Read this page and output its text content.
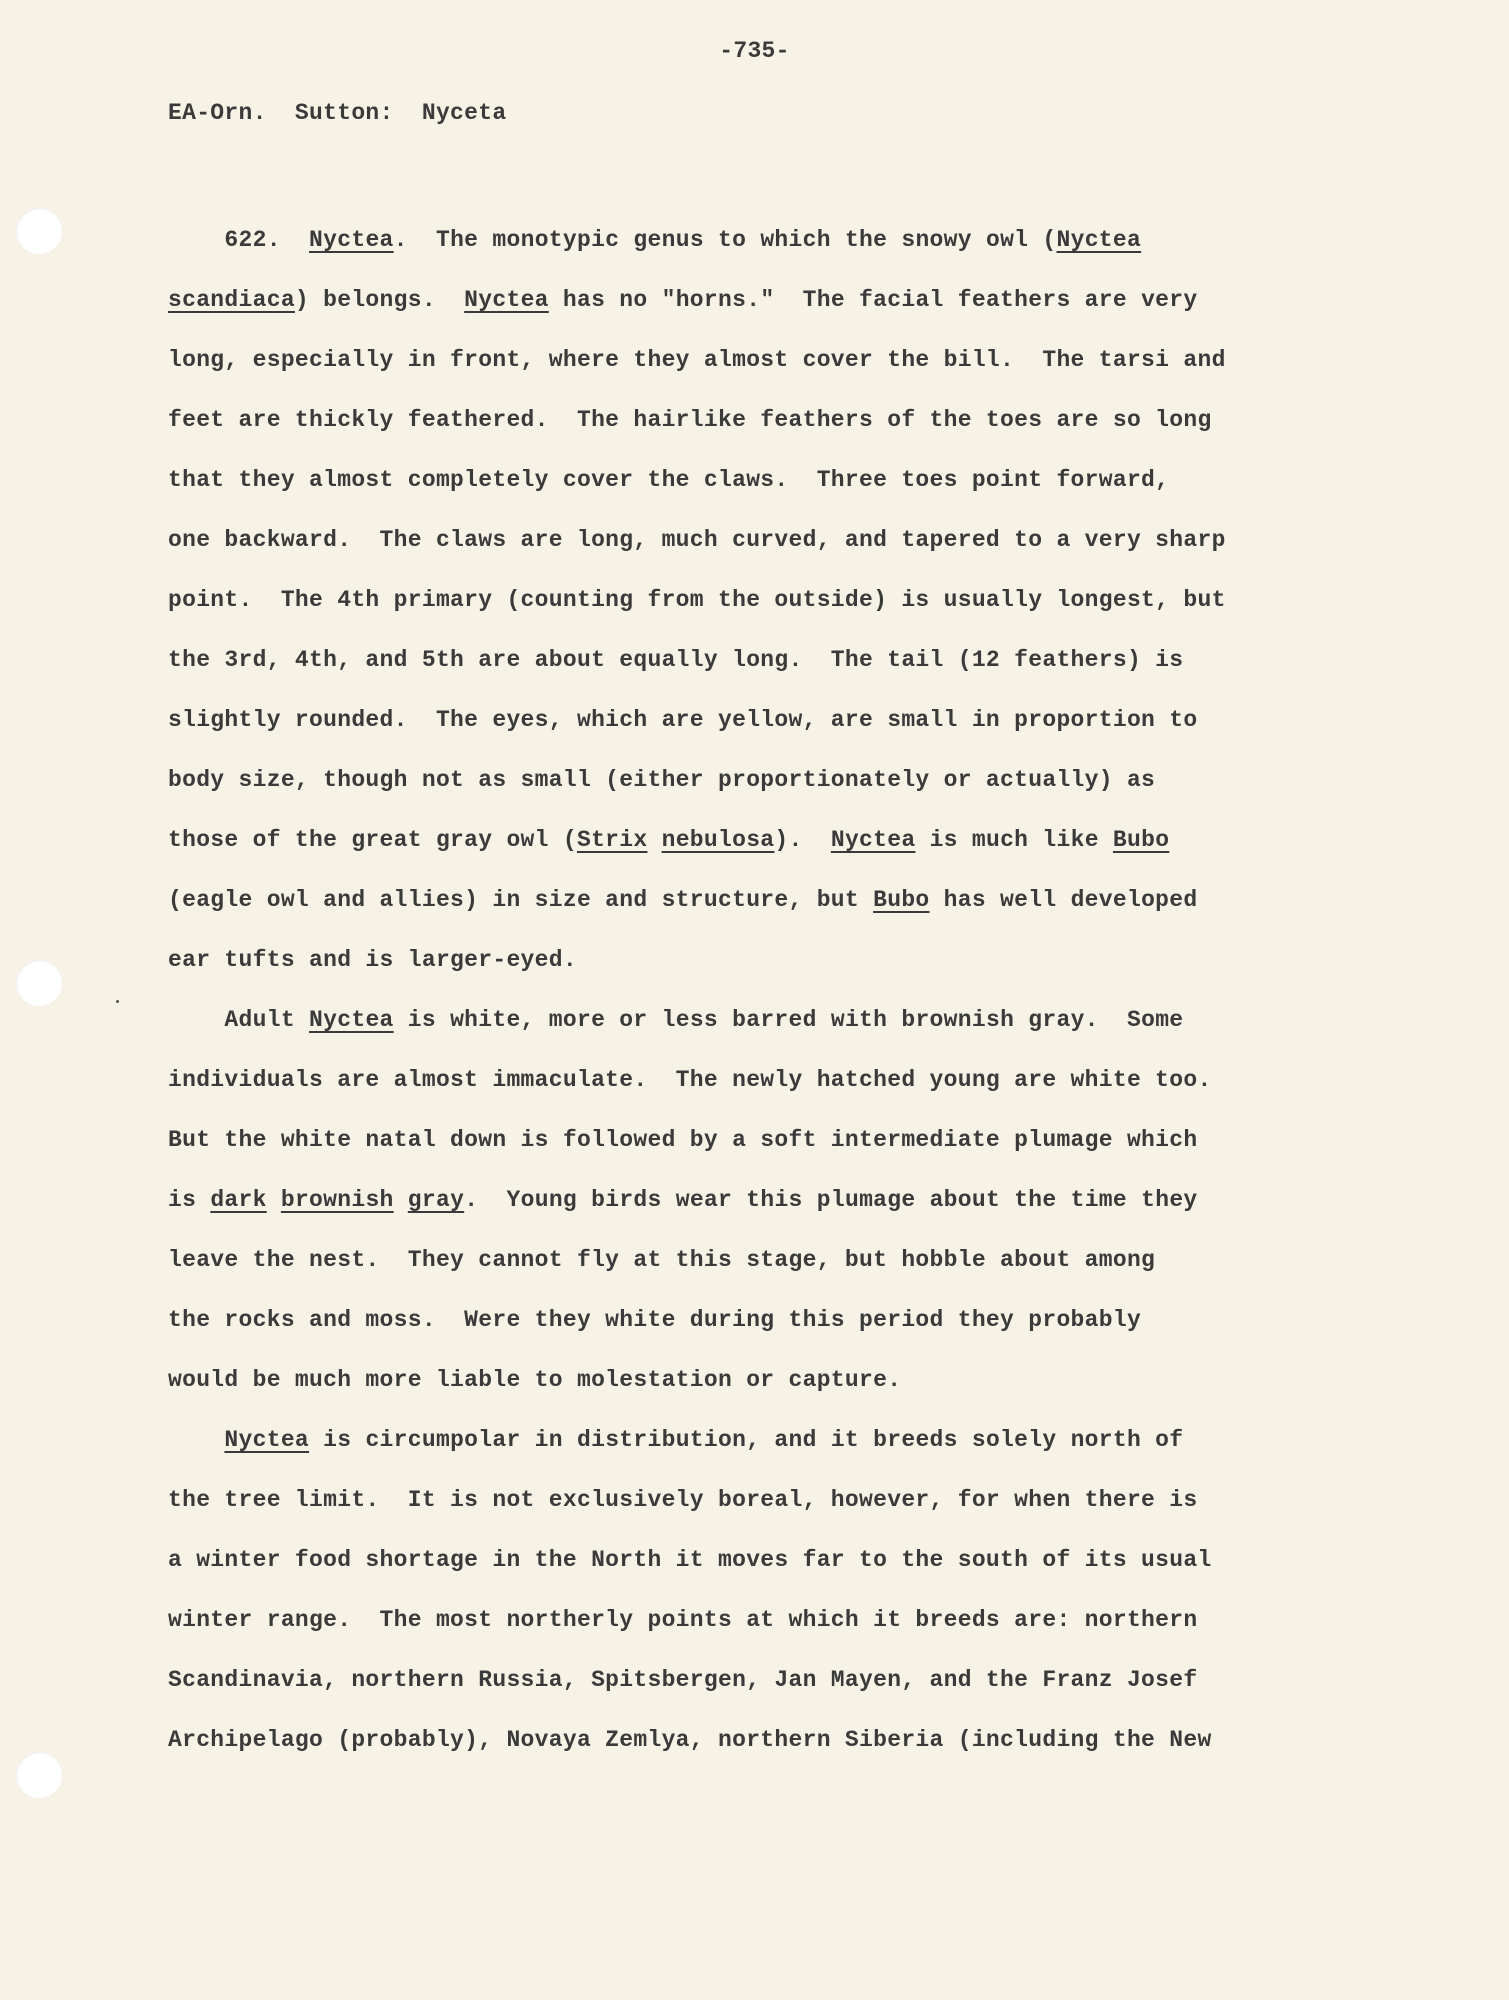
-735-
EA-Orn.  Sutton:  Nyceta
622.  Nyctea.  The monotypic genus to which the snowy owl (Nyctea
scandiaca) belongs.  Nyctea has no "horns."  The facial feathers are very
long, especially in front, where they almost cover the bill.  The tarsi and
feet are thickly feathered.  The hairlike feathers of the toes are so long
that they almost completely cover the claws.  Three toes point forward,
one backward.  The claws are long, much curved, and tapered to a very sharp
point.  The 4th primary (counting from the outside) is usually longest, but
the 3rd, 4th, and 5th are about equally long.  The tail (12 feathers) is
slightly rounded.  The eyes, which are yellow, are small in proportion to
body size, though not as small (either proportionately or actually) as
those of the great gray owl (Strix nebulosa).  Nyctea is much like Bubo
(eagle owl and allies) in size and structure, but Bubo has well developed
ear tufts and is larger-eyed.
Adult Nyctea is white, more or less barred with brownish gray.  Some
individuals are almost immaculate.  The newly hatched young are white too.
But the white natal down is followed by a soft intermediate plumage which
is dark brownish gray.  Young birds wear this plumage about the time they
leave the nest.  They cannot fly at this stage, but hobble about among
the rocks and moss.  Were they white during this period they probably
would be much more liable to molestation or capture.
Nyctea is circumpolar in distribution, and it breeds solely north of
the tree limit.  It is not exclusively boreal, however, for when there is
a winter food shortage in the North it moves far to the south of its usual
winter range.  The most northerly points at which it breeds are: northern
Scandinavia, northern Russia, Spitsbergen, Jan Mayen, and the Franz Josef
Archipelago (probably), Novaya Zemlya, northern Siberia (including the New
